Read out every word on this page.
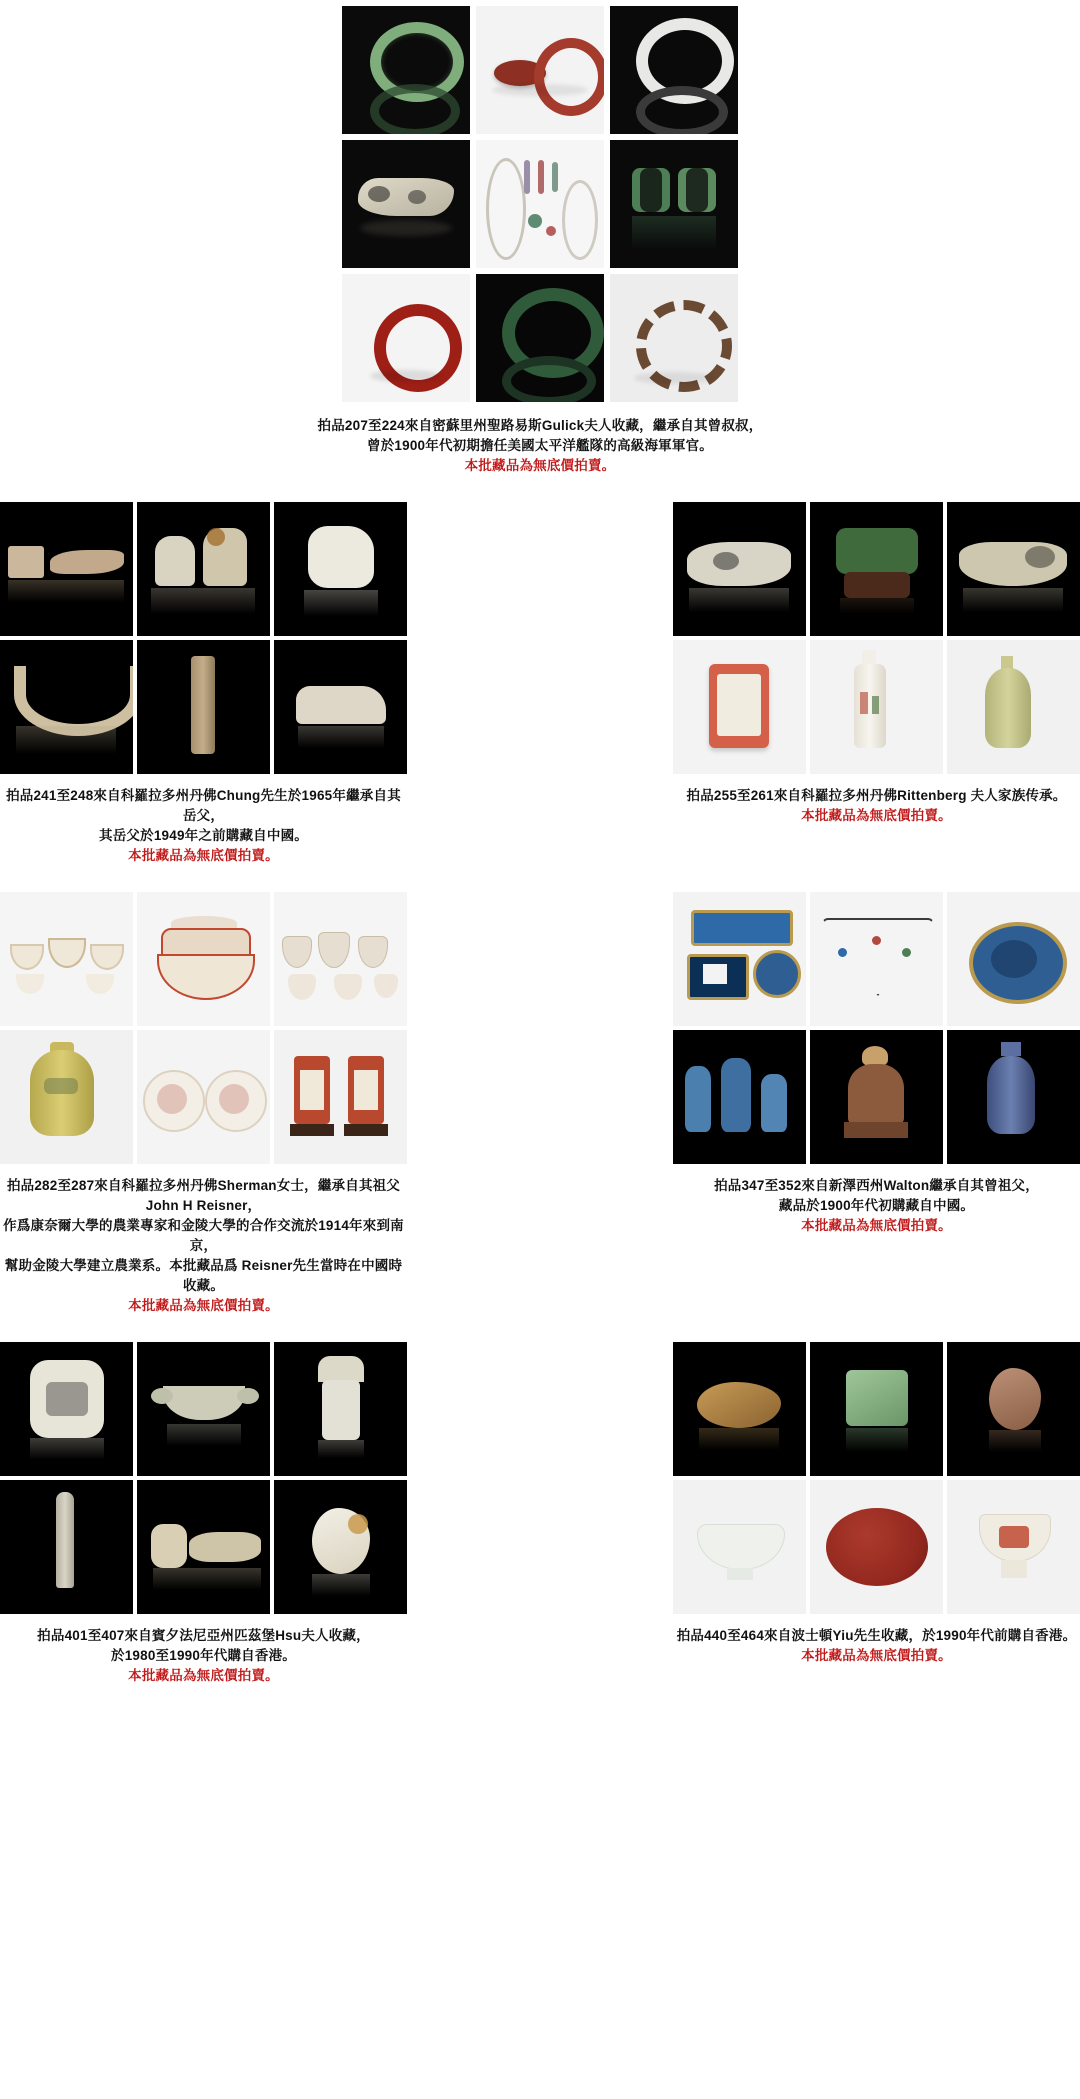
拍品207至224來自密蘇里州聖路易斯Gulick夫人收藏，繼承自其曾叔叔，
曾於1900年代初期擔任美國太平洋艦隊的高級海軍軍官。
本批藏品為無底價拍賣。
拍品241至248來自科羅拉多州丹佛Chung先生於1965年繼承自其岳父，
其岳父於1949年之前購藏自中國。
本批藏品為無底價拍賣。
拍品255至261來自科羅拉多州丹佛Rittenberg 夫人家族传承。
本批藏品為無底價拍賣。
拍品282至287來自科羅拉多州丹佛Sherman女士，繼承自其祖父John H Reisner，
作爲康奈爾大學的農業專家和金陵大學的合作交流於1914年來到南京，
幫助金陵大學建立農業系。本批藏品爲 Reisner先生當時在中國時收藏。
本批藏品為無底價拍賣。
拍品347至352來自新澤西州Walton繼承自其曾祖父，
藏品於1900年代初購藏自中國。
本批藏品為無底價拍賣。
拍品401至407來自賓夕法尼亞州匹茲堡Hsu夫人收藏，
於1980至1990年代購自香港。
本批藏品為無底價拍賣。
拍品440至464來自波士頓Yiu先生收藏，於1990年代前購自香港。
本批藏品為無底價拍賣。
